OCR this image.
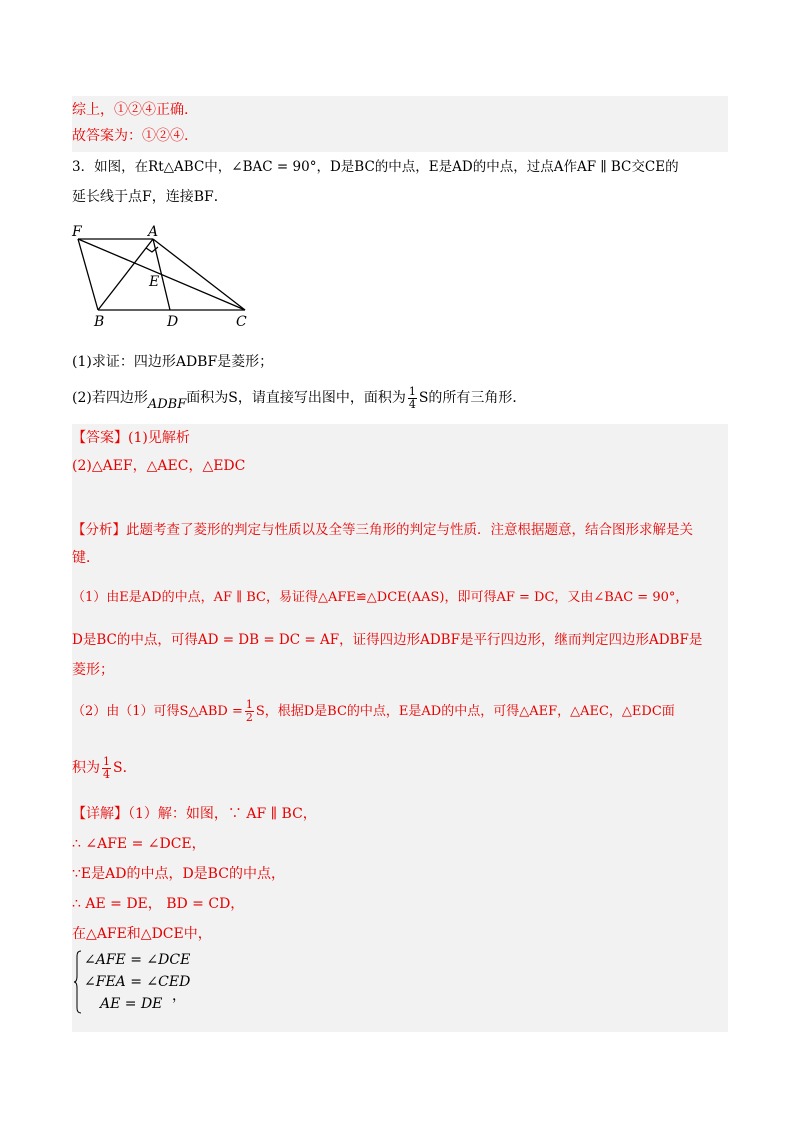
综上，①②④正确.
故答案为：①②④.
3．如图，在Rt△ABC中，∠BAC = 90°，D是BC的中点，E是AD的中点，过点A作AF ∥ BC交CE的
延长线于点F，连接BF．
F	A
E
B	D	C
(1)求证：四边形ADBF是菱形；
(2)若四边形ADBF面积为S，请直接写出图中，面积为 $\frac{1}{4}$ S的所有三角形．
【答案】(1)见解析
(2)△AEF，△AEC，△EDC
【分析】此题考查了菱形的判定与性质以及全等三角形的判定与性质．注意根据题意，结合图形求解是关
键．
（1）由E是AD的中点，AF ∥ BC，易证得△AFE≌△DCE(AAS)，即可得AF = DC，又由∠BAC = 90°，
D是BC的中点，可得AD = DB = DC = AF，证得四边形ADBF是平行四边形，继而判定四边形ADBF是
菱形；
（2）由（1）可得S△ABD = $\frac{1}{2}$ S，根据D是BC的中点，E是AD的中点，可得△AEF，△AEC，△EDC面
积为 $\frac{1}{4}$ S．
【详解】（1）解：如图，∵ AF ∥ BC，
∴ ∠AFE = ∠DCE，
∵E是AD的中点，D是BC的中点，
∴ AE = DE， BD = CD，
在△AFE和△DCE中，
∠AFE = ∠DCE
∠FEA = ∠CED
AE = DE ，
